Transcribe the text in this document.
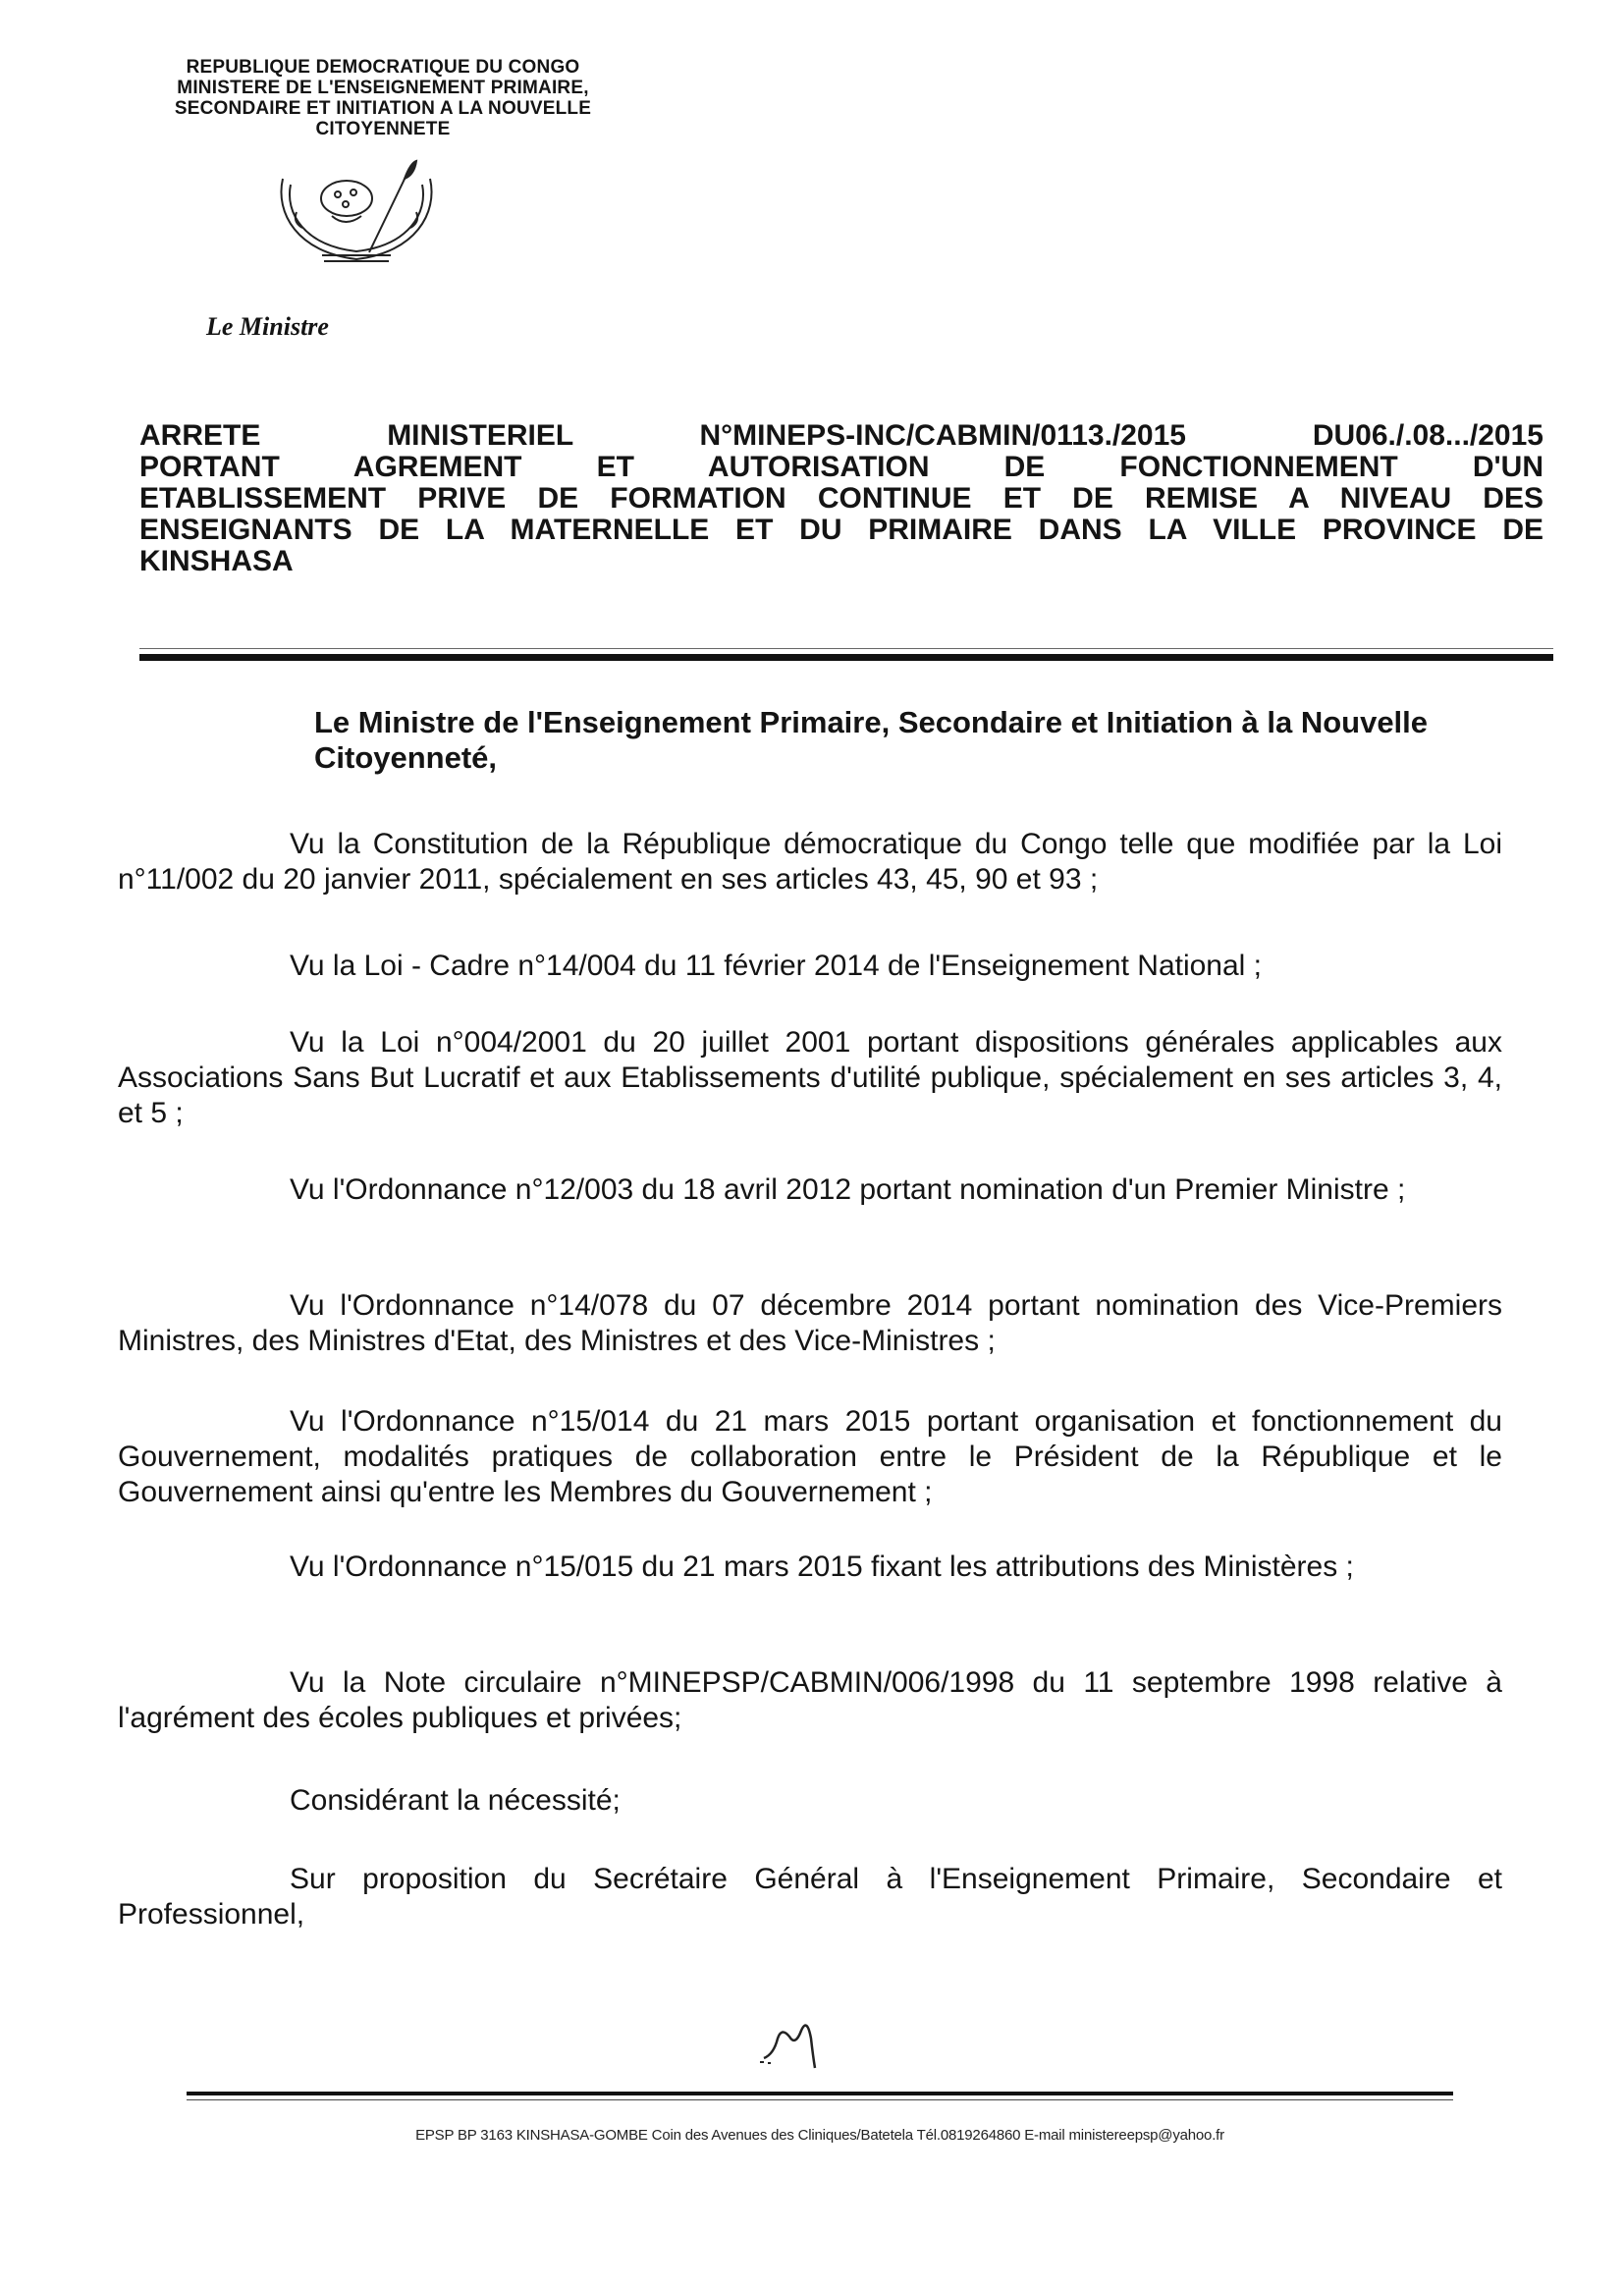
REPUBLIQUE DEMOCRATIQUE DU CONGO
MINISTERE DE L'ENSEIGNEMENT PRIMAIRE,
SECONDAIRE ET INITIATION A LA NOUVELLE
CITOYENNETE
Le Ministre
ARRETE MINISTERIEL N°MINEPS-INC/CABMIN/0113./2015 DU06./.08.../2015
PORTANT AGREMENT ET AUTORISATION DE FONCTIONNEMENT D'UN
ETABLISSEMENT PRIVE DE FORMATION CONTINUE ET DE REMISE A NIVEAU DES
ENSEIGNANTS DE LA MATERNELLE ET DU PRIMAIRE DANS LA VILLE PROVINCE DE
KINSHASA
Le Ministre de l'Enseignement Primaire, Secondaire et Initiation à la Nouvelle Citoyenneté,
Vu la Constitution de la République démocratique du Congo telle que modifiée par la Loi n°11/002 du 20 janvier 2011, spécialement en ses articles 43, 45, 90 et 93 ;
Vu la Loi - Cadre n°14/004 du 11 février 2014 de l'Enseignement National ;
Vu la Loi n°004/2001 du 20 juillet 2001 portant dispositions générales applicables aux Associations Sans But Lucratif et aux Etablissements d'utilité publique, spécialement en ses articles 3, 4, et 5 ;
Vu l'Ordonnance n°12/003 du 18 avril 2012 portant nomination d'un Premier Ministre ;
Vu l'Ordonnance n°14/078 du 07 décembre 2014 portant nomination des Vice-Premiers Ministres, des Ministres d'Etat, des Ministres et des Vice-Ministres ;
Vu l'Ordonnance n°15/014 du 21 mars 2015 portant organisation et fonctionnement du Gouvernement, modalités pratiques de collaboration entre le Président de la République et le Gouvernement ainsi qu'entre les Membres du Gouvernement ;
Vu l'Ordonnance n°15/015 du 21 mars 2015 fixant les attributions des Ministères ;
Vu la Note circulaire n°MINEPSP/CABMIN/006/1998 du 11 septembre 1998 relative à l'agrément des écoles publiques et privées;
Considérant la nécessité;
Sur proposition du Secrétaire Général à l'Enseignement Primaire, Secondaire et Professionnel,
EPSP BP 3163 KINSHASA-GOMBE Coin des Avenues des Cliniques/Batetela Tél.0819264860 E-mail ministereepsp@yahoo.fr
